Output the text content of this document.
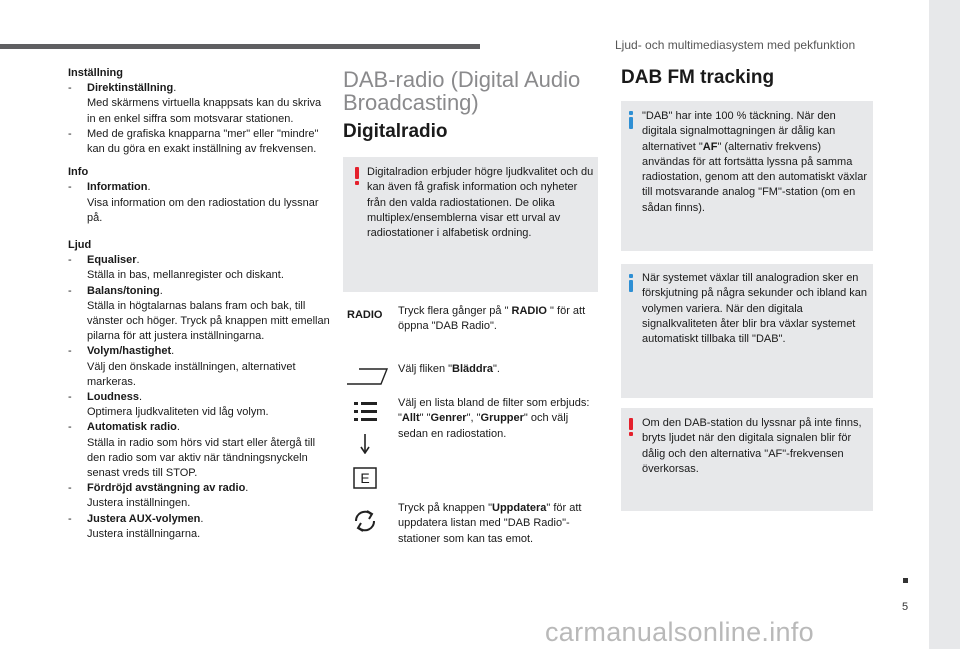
Ljud- och multimediasystem med pekfunktion
5
carmanualsonline.info
Inställning
- Direktinställning.
Med skärmens virtuella knappsats kan du skriva in en enkel siffra som motsvarar stationen.
- Med de grafiska knapparna "mer" eller "mindre" kan du göra en exakt inställning av frekvensen.
Info
- Information.
Visa information om den radiostation du lyssnar på.
Ljud
- Equaliser.
Ställa in bas, mellanregister och diskant.
- Balans/toning.
Ställa in högtalarnas balans fram och bak, till vänster och höger. Tryck på knappen mitt emellan pilarna för att justera inställningarna.
- Volym/hastighet.
Välj den önskade inställningen, alternativet markeras.
- Loudness.
Optimera ljudkvaliteten vid låg volym.
- Automatisk radio.
Ställa in radio som hörs vid start eller återgå till den radio som var aktiv när tändningsnyckeln senast vreds till STOP.
- Fördröjd avstängning av radio.
Justera inställningen.
- Justera AUX-volymen.
Justera inställningarna.
DAB-radio (Digital Audio
Broadcasting)
Digitalradio
Digitalradion erbjuder högre ljudkvalitet och du kan även få grafisk information och nyheter från den valda radiostationen. De olika multiplex/ensemblerna visar ett urval av radiostationer i alfabetisk ordning.
RADIO Tryck flera gånger på " RADIO " för att öppna "DAB Radio".
Välj fliken "Bläddra".
E
Välj en lista bland de filter som erbjuds: "Allt" "Genrer", "Grupper" och välj sedan en radiostation.
Tryck på knappen "Uppdatera" för att uppdatera listan med "DAB Radio"-stationer som kan tas emot.
DAB FM tracking
"DAB" har inte 100 % täckning. När den digitala signalmottagningen är dålig kan alternativet "AF" (alternativ frekvens) användas för att fortsätta lyssna på samma radiostation, genom att den automatiskt växlar till motsvarande analog "FM"-station (om en sådan finns).
När systemet växlar till analogradion sker en förskjutning på några sekunder och ibland kan volymen variera. När den digitala signalkvaliteten åter blir bra växlar systemet automatiskt tillbaka till "DAB".
Om den DAB-station du lyssnar på inte finns, bryts ljudet när den digitala signalen blir för dålig och den alternativa "AF"-frekvensen överkorsas.
